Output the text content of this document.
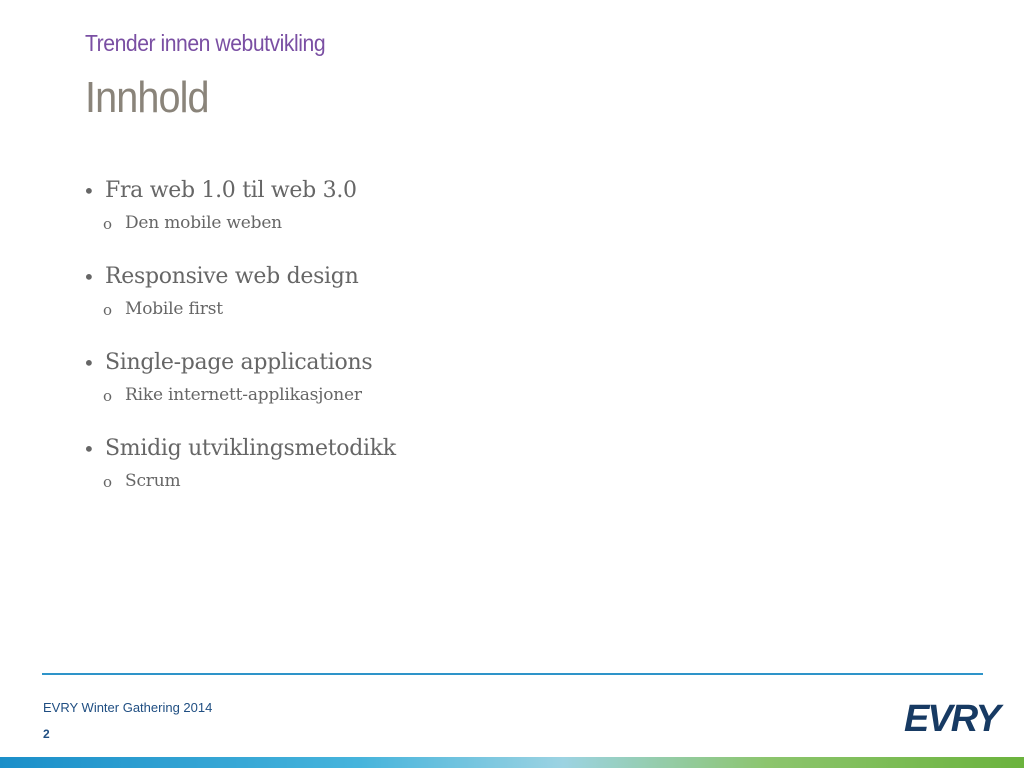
Trender innen webutvikling
Innhold
• Fra web 1.0 til web 3.0
o Den mobile weben
• Responsive web design
o Mobile first
• Single-page applications
o Rike internett-applikasjoner
• Smidig utviklingsmetodikk
o Scrum
EVRY Winter Gathering 2014
2	EVRY
